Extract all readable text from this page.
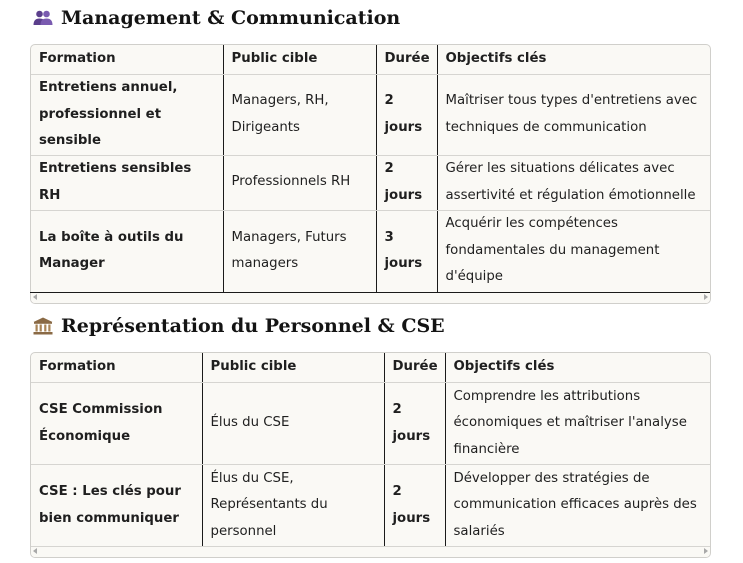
Management & Communication
Formation	Public cible	Durée	Objectifs clés
Entretiens annuel, professionnel et sensible	Managers, RH, Dirigeants	2 jours	Maîtriser tous types d'entretiens avec techniques de communication
Entretiens sensibles RH	Professionnels RH	2 jours	Gérer les situations délicates avec assertivité et régulation émotionnelle
La boîte à outils du Manager	Managers, Futurs managers	3 jours	Acquérir les compétences fondamentales du management d'équipe
Représentation du Personnel & CSE
Formation	Public cible	Durée	Objectifs clés
CSE Commission Économique	Élus du CSE	2 jours	Comprendre les attributions économiques et maîtriser l'analyse financière
CSE : Les clés pour bien communiquer	Élus du CSE, Représentants du personnel	2 jours	Développer des stratégies de communication efficaces auprès des salariés
